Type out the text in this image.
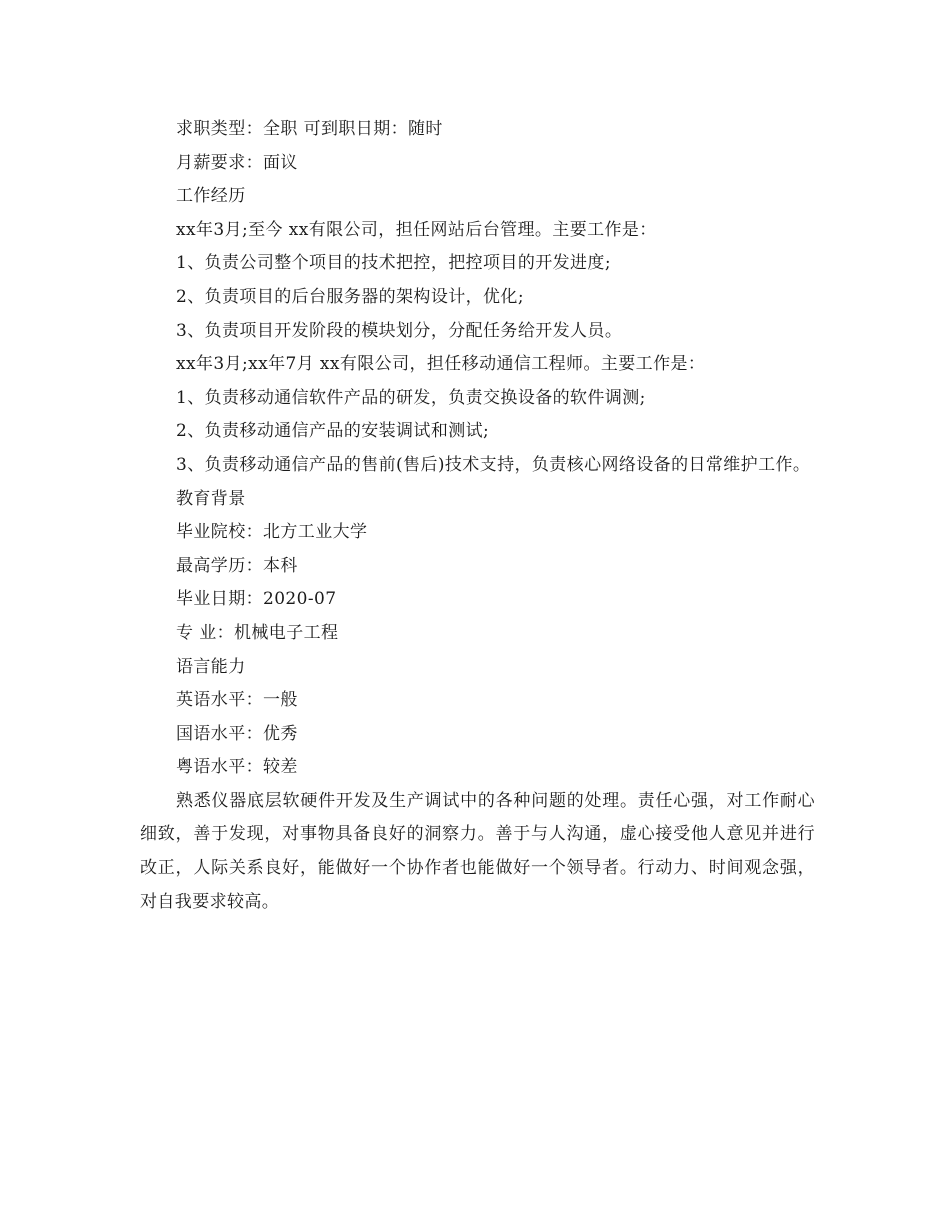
求职类型：全职 可到职日期：随时
月薪要求：面议
工作经历
xx年3月;至今 xx有限公司，担任网站后台管理。主要工作是：
1、负责公司整个项目的技术把控，把控项目的开发进度;
2、负责项目的后台服务器的架构设计，优化;
3、负责项目开发阶段的模块划分，分配任务给开发人员。
xx年3月;xx年7月 xx有限公司，担任移动通信工程师。主要工作是：
1、负责移动通信软件产品的研发，负责交换设备的软件调测;
2、负责移动通信产品的安装调试和测试;

3、负责移动通信产品的售前(售后)技术支持，负责核心网络设备的日常维护工作。

教育背景
毕业院校：北方工业大学
最高学历：本科
毕业日期：2020-07
专 业：机械电子工程
语言能力
英语水平：一般
国语水平：优秀
粤语水平：较差

熟悉仪器底层软硬件开发及生产调试中的各种问题的处理。责任心强，对工作耐心细致，善于发现，对事物具备良好的洞察力。善于与人沟通，虚心接受他人意见并进行改正，人际关系良好，能做好一个协作者也能做好一个领导者。行动力、时间观念强，对自我要求较高。
